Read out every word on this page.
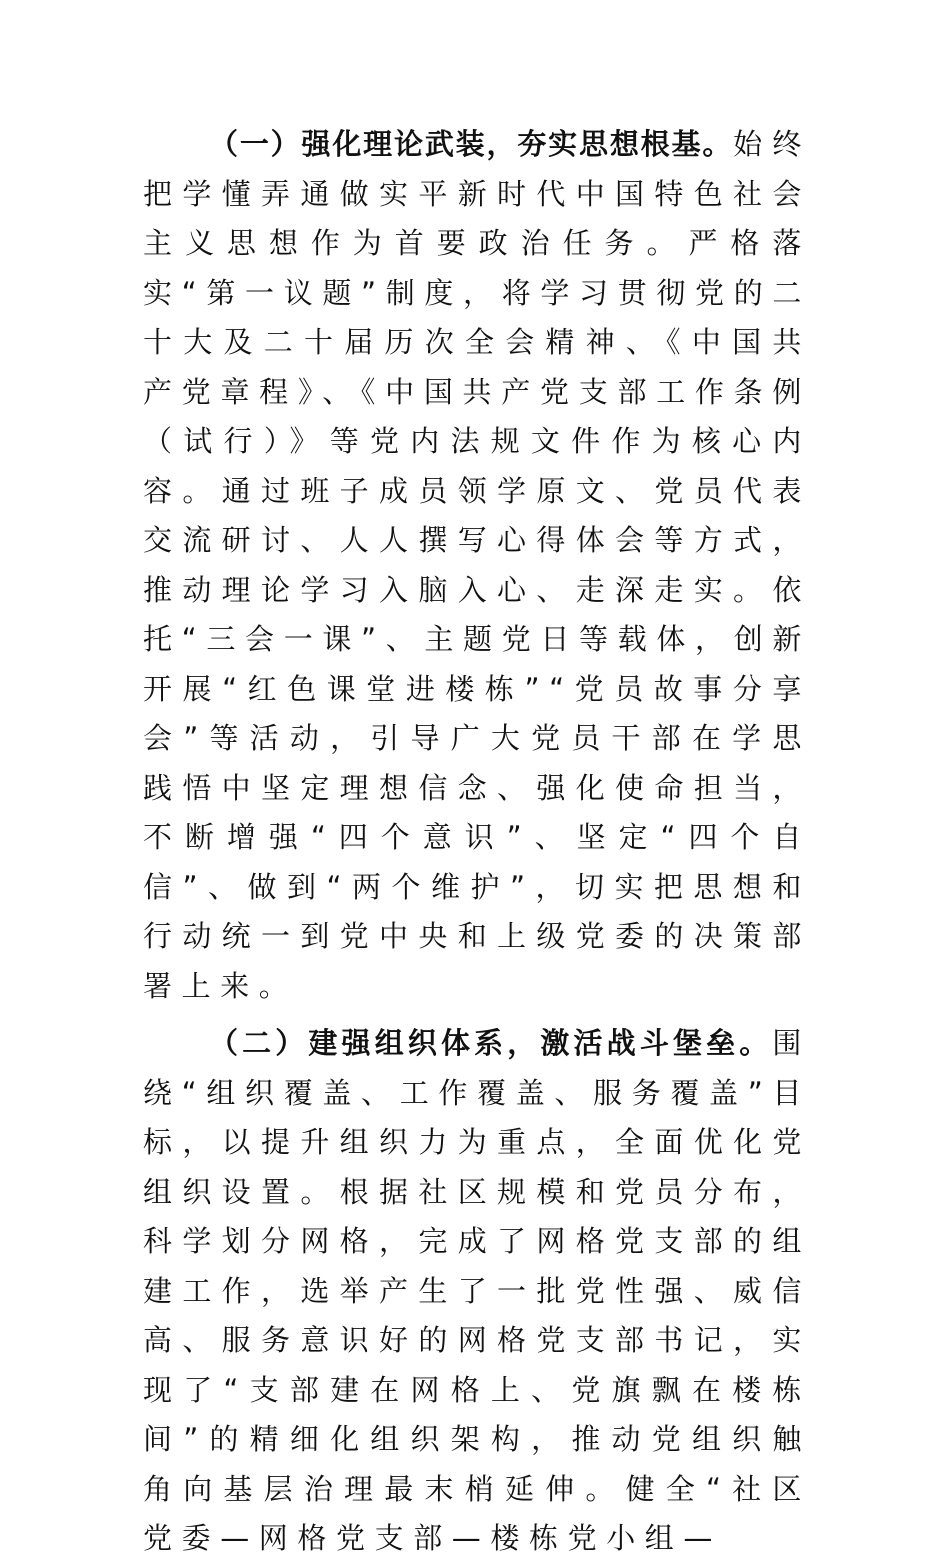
（一）强化理论武装，夯实思想根基。始终把学懂弄通做实平新时代中国特色社会主义思想作为首要政治任务。严格落实“第一议题”制度，将学习贯彻党的二十大及二十届历次全会精神、《中国共产党章程》、《中国共产党支部工作条例（试行）》等党内法规文件作为核心内容。通过班子成员领学原文、党员代表交流研讨、人人撰写心得体会等方式，推动理论学习入脑入心、走深走实。依托“三会一课”、主题党日等载体，创新开展“红色课堂进楼栋”“党员故事分享会”等活动，引导广大党员干部在学思践悟中坚定理想信念、强化使命担当，不断增强“四个意识”、坚定“四个自信”、做到“两个维护”，切实把思想和行动统一到党中央和上级党委的决策部署上来。

（二）建强组织体系，激活战斗堡垒。围绕“组织覆盖、工作覆盖、服务覆盖”目标，以提升组织力为重点，全面优化党组织设置。根据社区规模和党员分布，科学划分网格，完成了网格党支部的组建工作，选举产生了一批党性强、威信高、服务意识好的网格党支部书记，实现了“支部建在网格上、党旗飘在楼栋间”的精细化组织架构，推动党组织触角向基层治理最末梢延伸。健全“社区党委—网格党支部—楼栋党小组—
